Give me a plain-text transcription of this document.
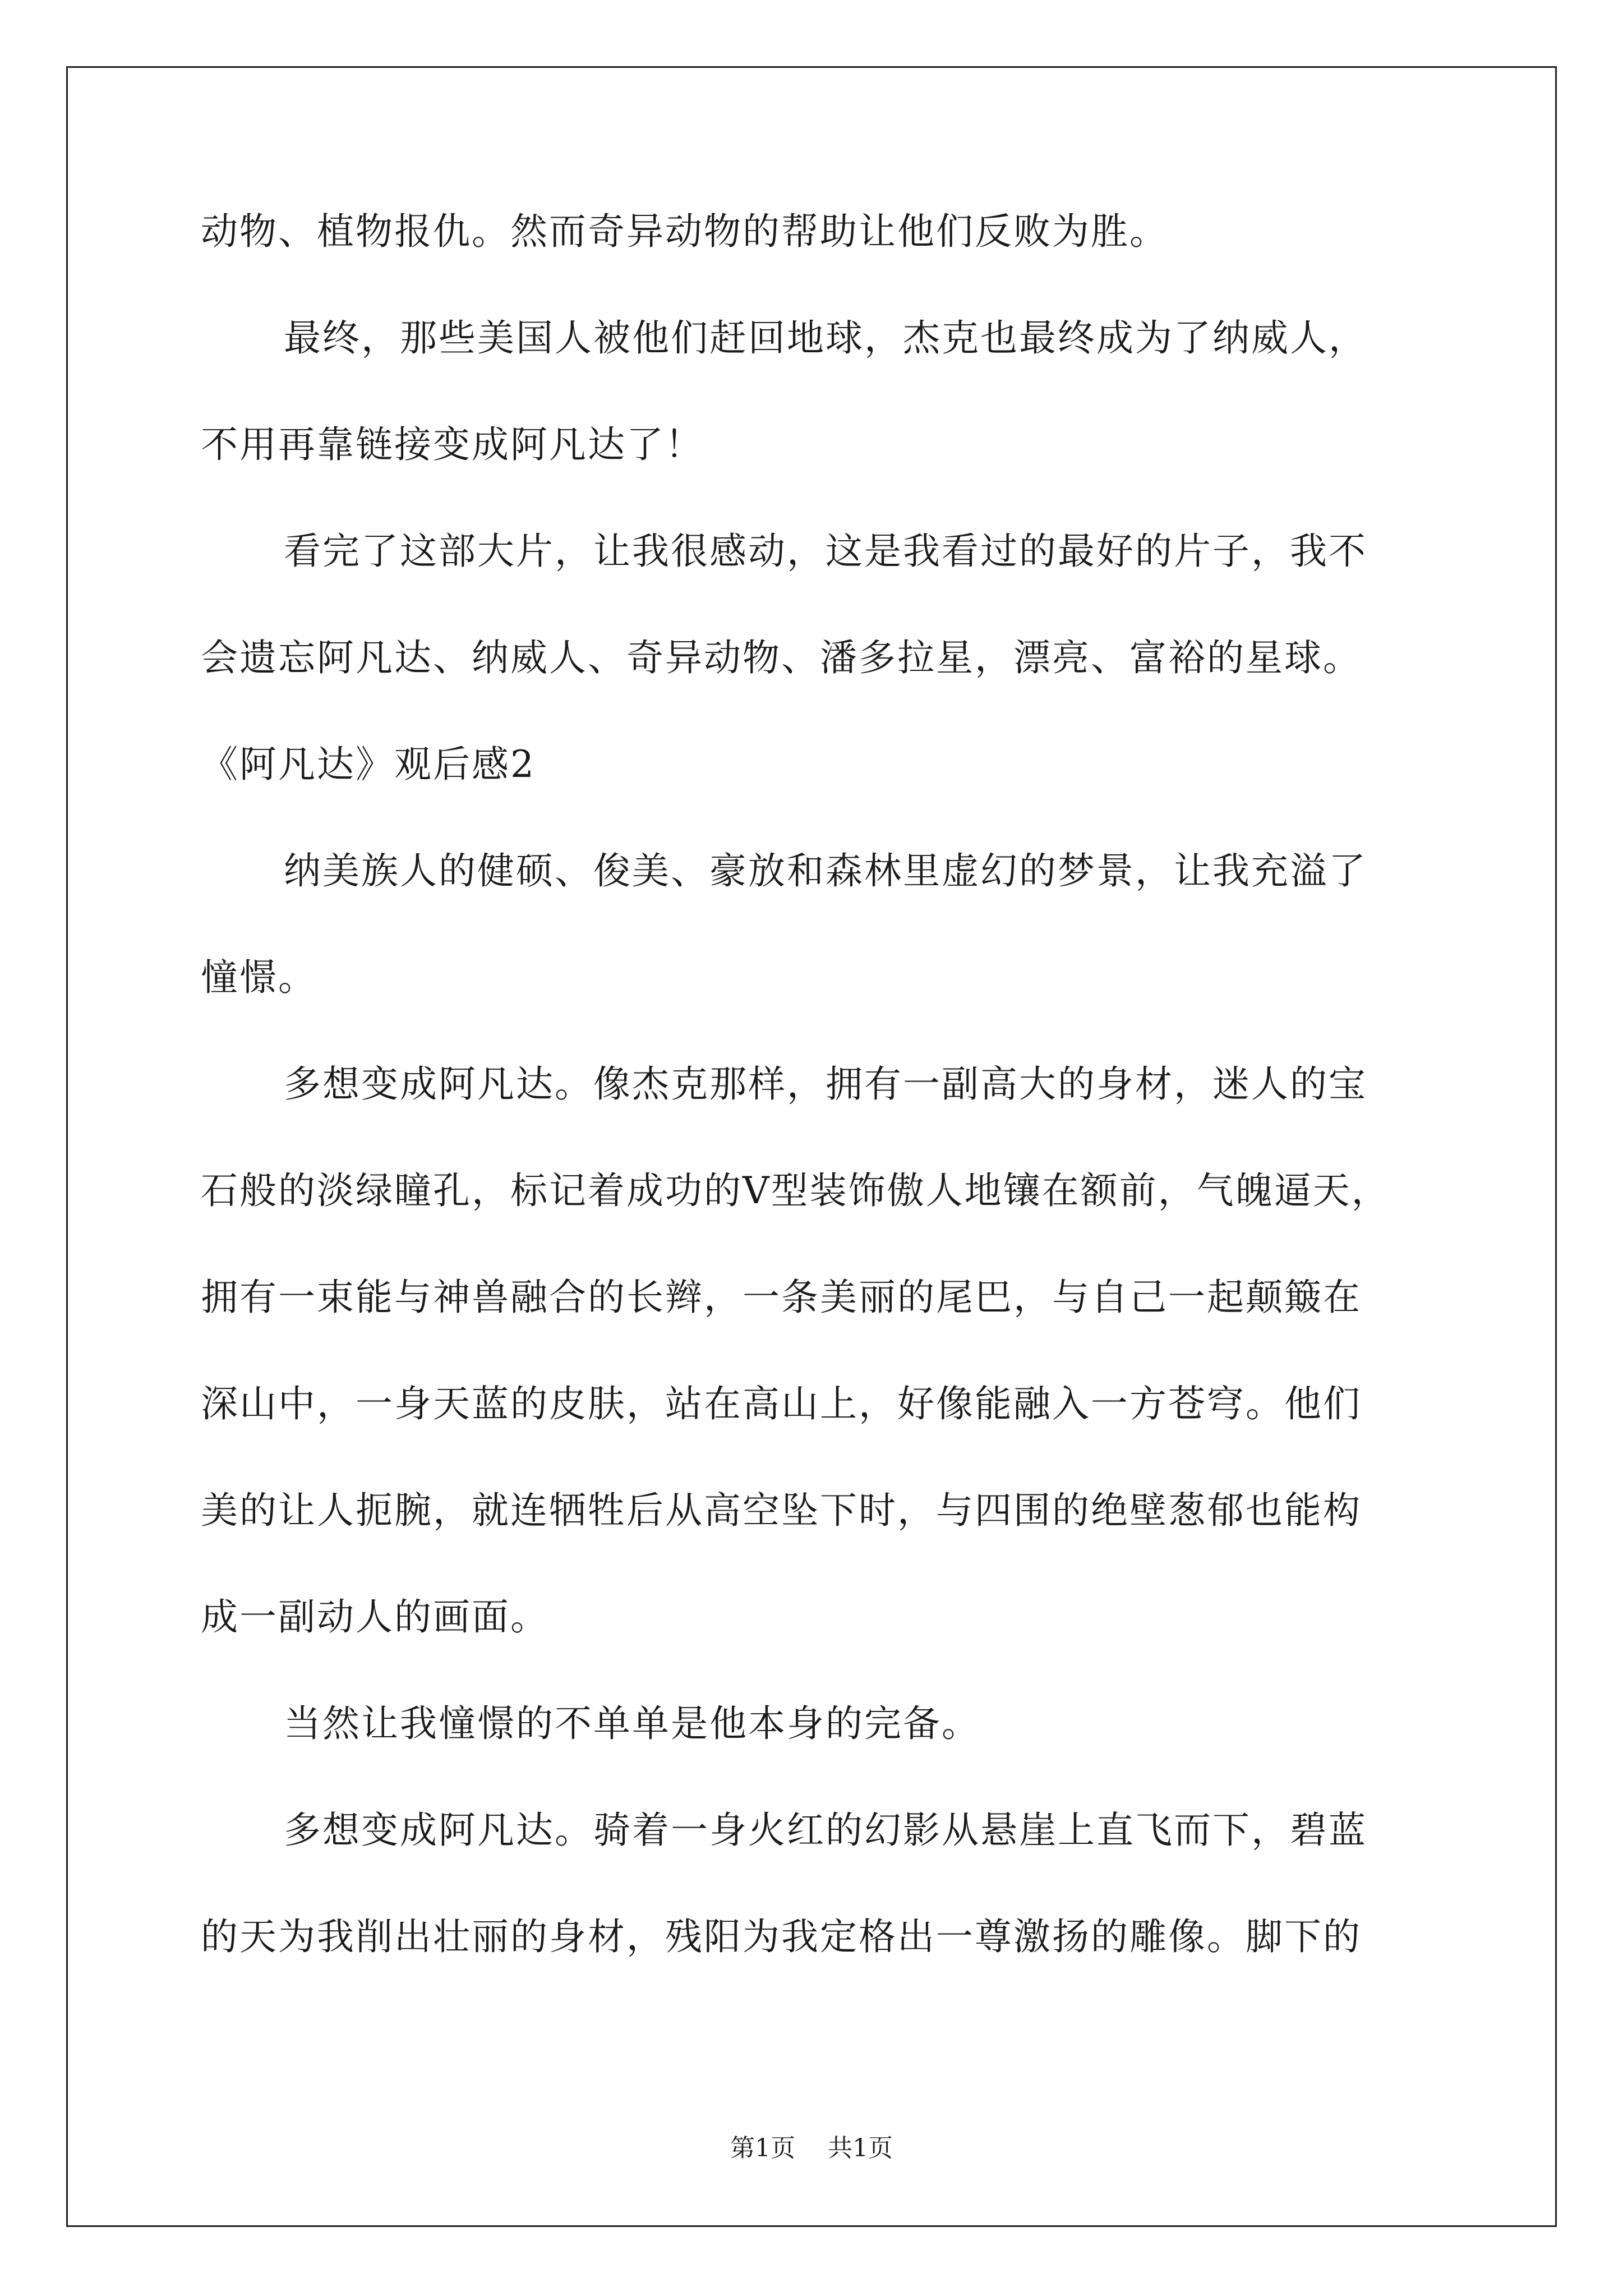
动物、植物报仇。然而奇异动物的帮助让他们反败为胜。
最终，那些美国人被他们赶回地球，杰克也最终成为了纳威人，
不用再靠链接变成阿凡达了！
看完了这部大片，让我很感动，这是我看过的最好的片子，我不
会遗忘阿凡达、纳威人、奇异动物、潘多拉星，漂亮、富裕的星球。
《阿凡达》观后感2
纳美族人的健硕、俊美、豪放和森林里虚幻的梦景，让我充溢了
憧憬。
多想变成阿凡达。像杰克那样，拥有一副高大的身材，迷人的宝
石般的淡绿瞳孔，标记着成功的V型装饰傲人地镶在额前，气魄逼天，
拥有一束能与神兽融合的长辫，一条美丽的尾巴，与自己一起颠簸在
深山中，一身天蓝的皮肤，站在高山上，好像能融入一方苍穹。他们
美的让人扼腕，就连牺牲后从高空坠下时，与四围的绝壁葱郁也能构
成一副动人的画面。
当然让我憧憬的不单单是他本身的完备。
多想变成阿凡达。骑着一身火红的幻影从悬崖上直飞而下，碧蓝
的天为我削出壮丽的身材，残阳为我定格出一尊激扬的雕像。脚下的
第1页 共1页
